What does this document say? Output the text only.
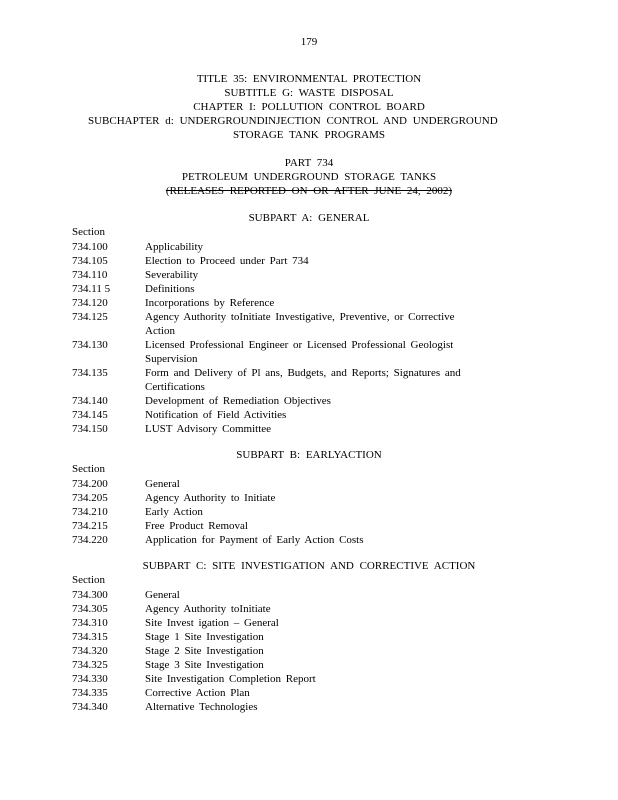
179
TITLE 35: ENVIRONMENTAL PROTECTION
SUBTITLE G: WASTE DISPOSAL
CHAPTER I: POLLUTION CONTROL BOARD
SUBCHAPTER d: UNDERGROUNDINJECTION CONTROL AND UNDERGROUND
STORAGE TANK PROGRAMS
PART 734
PETROLEUM UNDERGROUND STORAGE TANKS
(RELEASES REPORTED ON OR AFTER JUNE 24, 2002)
SUBPART A: GENERAL
Section
734.100	Applicability
734.105	Election to Proceed under Part 734
734.110	Severability
734.11 5	Definitions
734.120	Incorporations by Reference
734.125	Agency Authority toInitiate Investigative, Preventive, or Corrective Action
734.130	Licensed Professional Engineer or Licensed Professional Geologist Supervision
734.135	Form and Delivery of Pl ans, Budgets, and Reports; Signatures and Certifications
734.140	Development of Remediation Objectives
734.145	Notification of Field Activities
734.150	LUST Advisory Committee
SUBPART B: EARLYACTION
Section
734.200	General
734.205	Agency Authority to Initiate
734.210	Early Action
734.215	Free Product Removal
734.220	Application for Payment of Early Action Costs
SUBPART C: SITE INVESTIGATION AND CORRECTIVE ACTION
Section
734.300	General
734.305	Agency Authority toInitiate
734.310	Site Invest igation – General
734.315	Stage 1 Site Investigation
734.320	Stage 2 Site Investigation
734.325	Stage 3 Site Investigation
734.330	Site Investigation Completion Report
734.335	Corrective Action Plan
734.340	Alternative Technologies
